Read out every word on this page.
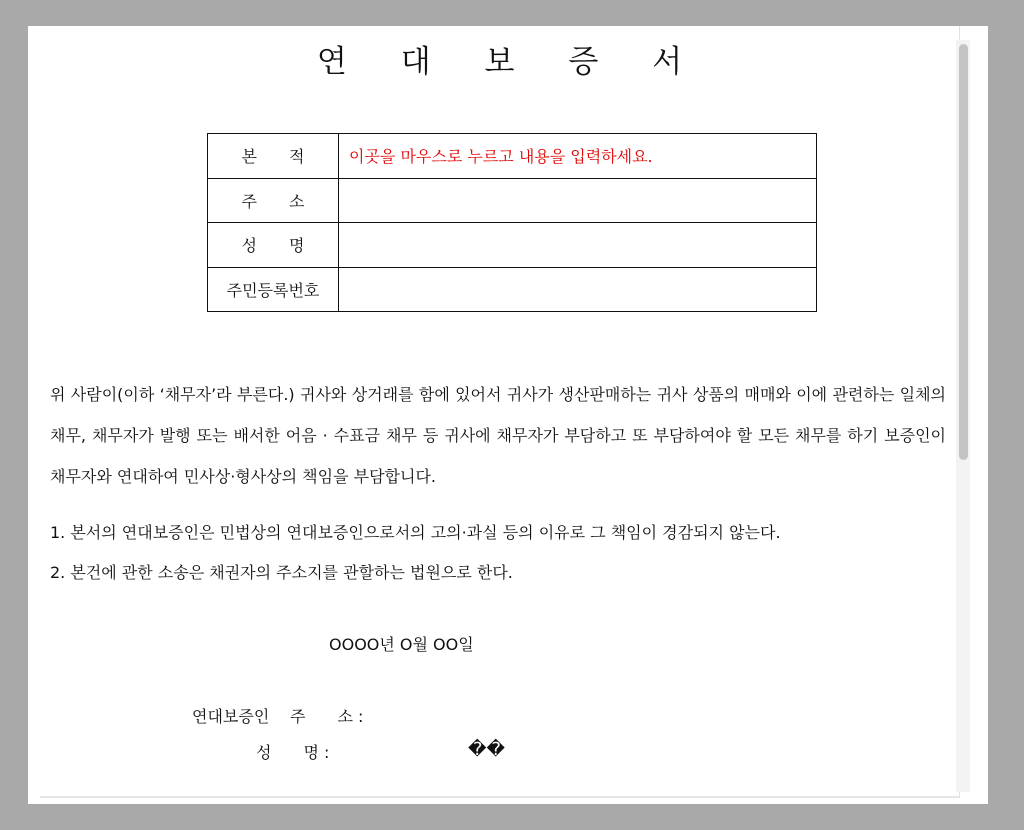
연 대 보 증 서
본　　적	이곳을 마우스로 누르고 내용을 입력하세요.
주　　소	
성　　명	
주민등록번호	

위 사람이(이하 ‘채무자’라 부른다.) 귀사와 상거래를 함에 있어서 귀사가 생산판매하는 귀사 상품의 매매와 이에 관련하는 일체의 채무, 채무자가 발행 또는 배서한 어음 · 수표금 채무 등 귀사에 채무자가 부담하고 또 부담하여야 할 모든 채무를 하기 보증인이 채무자와 연대하여 민사상·형사상의 책임을 부담합니다.

1. 본서의 연대보증인은 민법상의 연대보증인으로서의 고의·과실 등의 이유로 그 책임이 경감되지 않는다.
2. 본건에 관한 소송은 채권자의 주소지를 관할하는 법원으로 한다.
OOOO년 O월 OO일
연대보증인 주　　소 :
성　　명 :	��
